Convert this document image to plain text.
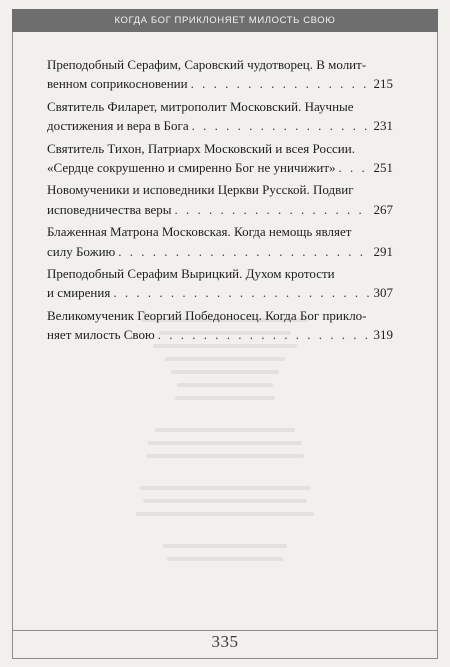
КОГДА БОГ ПРИКЛОНЯЕТ МИЛОСТЬ СВОЮ
Преподобный Серафим, Саровский чудотворец. В молит-
венном соприкосновении . . .	215
Святитель Филарет, митрополит Московский. Научные
достижения и вера в Бога . . .	231
Святитель Тихон, Патриарх Московский и всея России.
«Сердце сокрушенно и смиренно Бог не уничижит» . . .	251
Новомученики и исповедники Церкви Русской. Подвиг
исповедничества веры . . .	267
Блаженная Матрона Московская. Когда немощь являет
силу Божию . . .	291
Преподобный Серафим Вырицкий. Духом кротости
и смирения . . .	307
Великомученик Георгий Победоносец. Когда Бог прикло-
няет милость Свою . . .	319
335
